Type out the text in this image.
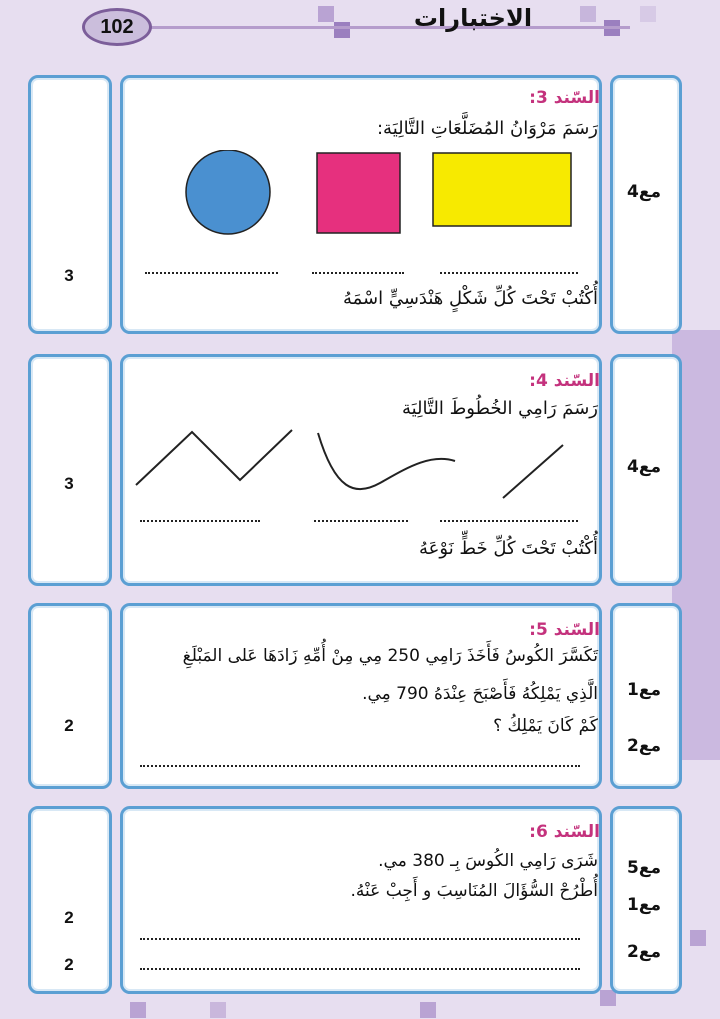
102	الاختبارات
السّند 3:
رَسَمَ مَرْوَانُ المُضَلَّعَاتِ التَّالِيَة:
أُكْتُبْ تَحْتَ كُلِّ شَكْلٍ هَنْدَسِيٍّ اسْمَهُ
مع4
3
السّند 4:
رَسَمَ رَامِي الخُطُوطَ التَّالِيَة
أُكْتُبْ تَحْتَ كُلِّ خَطٍّ نَوْعَهُ
مع4
3
السّند 5:
تَكَسَّرَ الكُوسُ فَأَخَذَ رَامِي 250 مِي مِنْ أُمِّهِ زَادَهَا عَلى المَبْلَغِ
الَّذِي يَمْلِكُهُ فَأَصْبَحَ عِنْدَهُ 790 مِي.
كَمْ كَانَ يَمْلِكُ ؟
مع1
مع2
2
السّند 6:
شَرَى رَامِي الكُوسَ بِـ 380 مي.
أُطْرُحْ السُّؤَالَ المُنَاسِبَ و أَجِبْ عَنْهُ.
مع5
مع1
مع2
2
2
